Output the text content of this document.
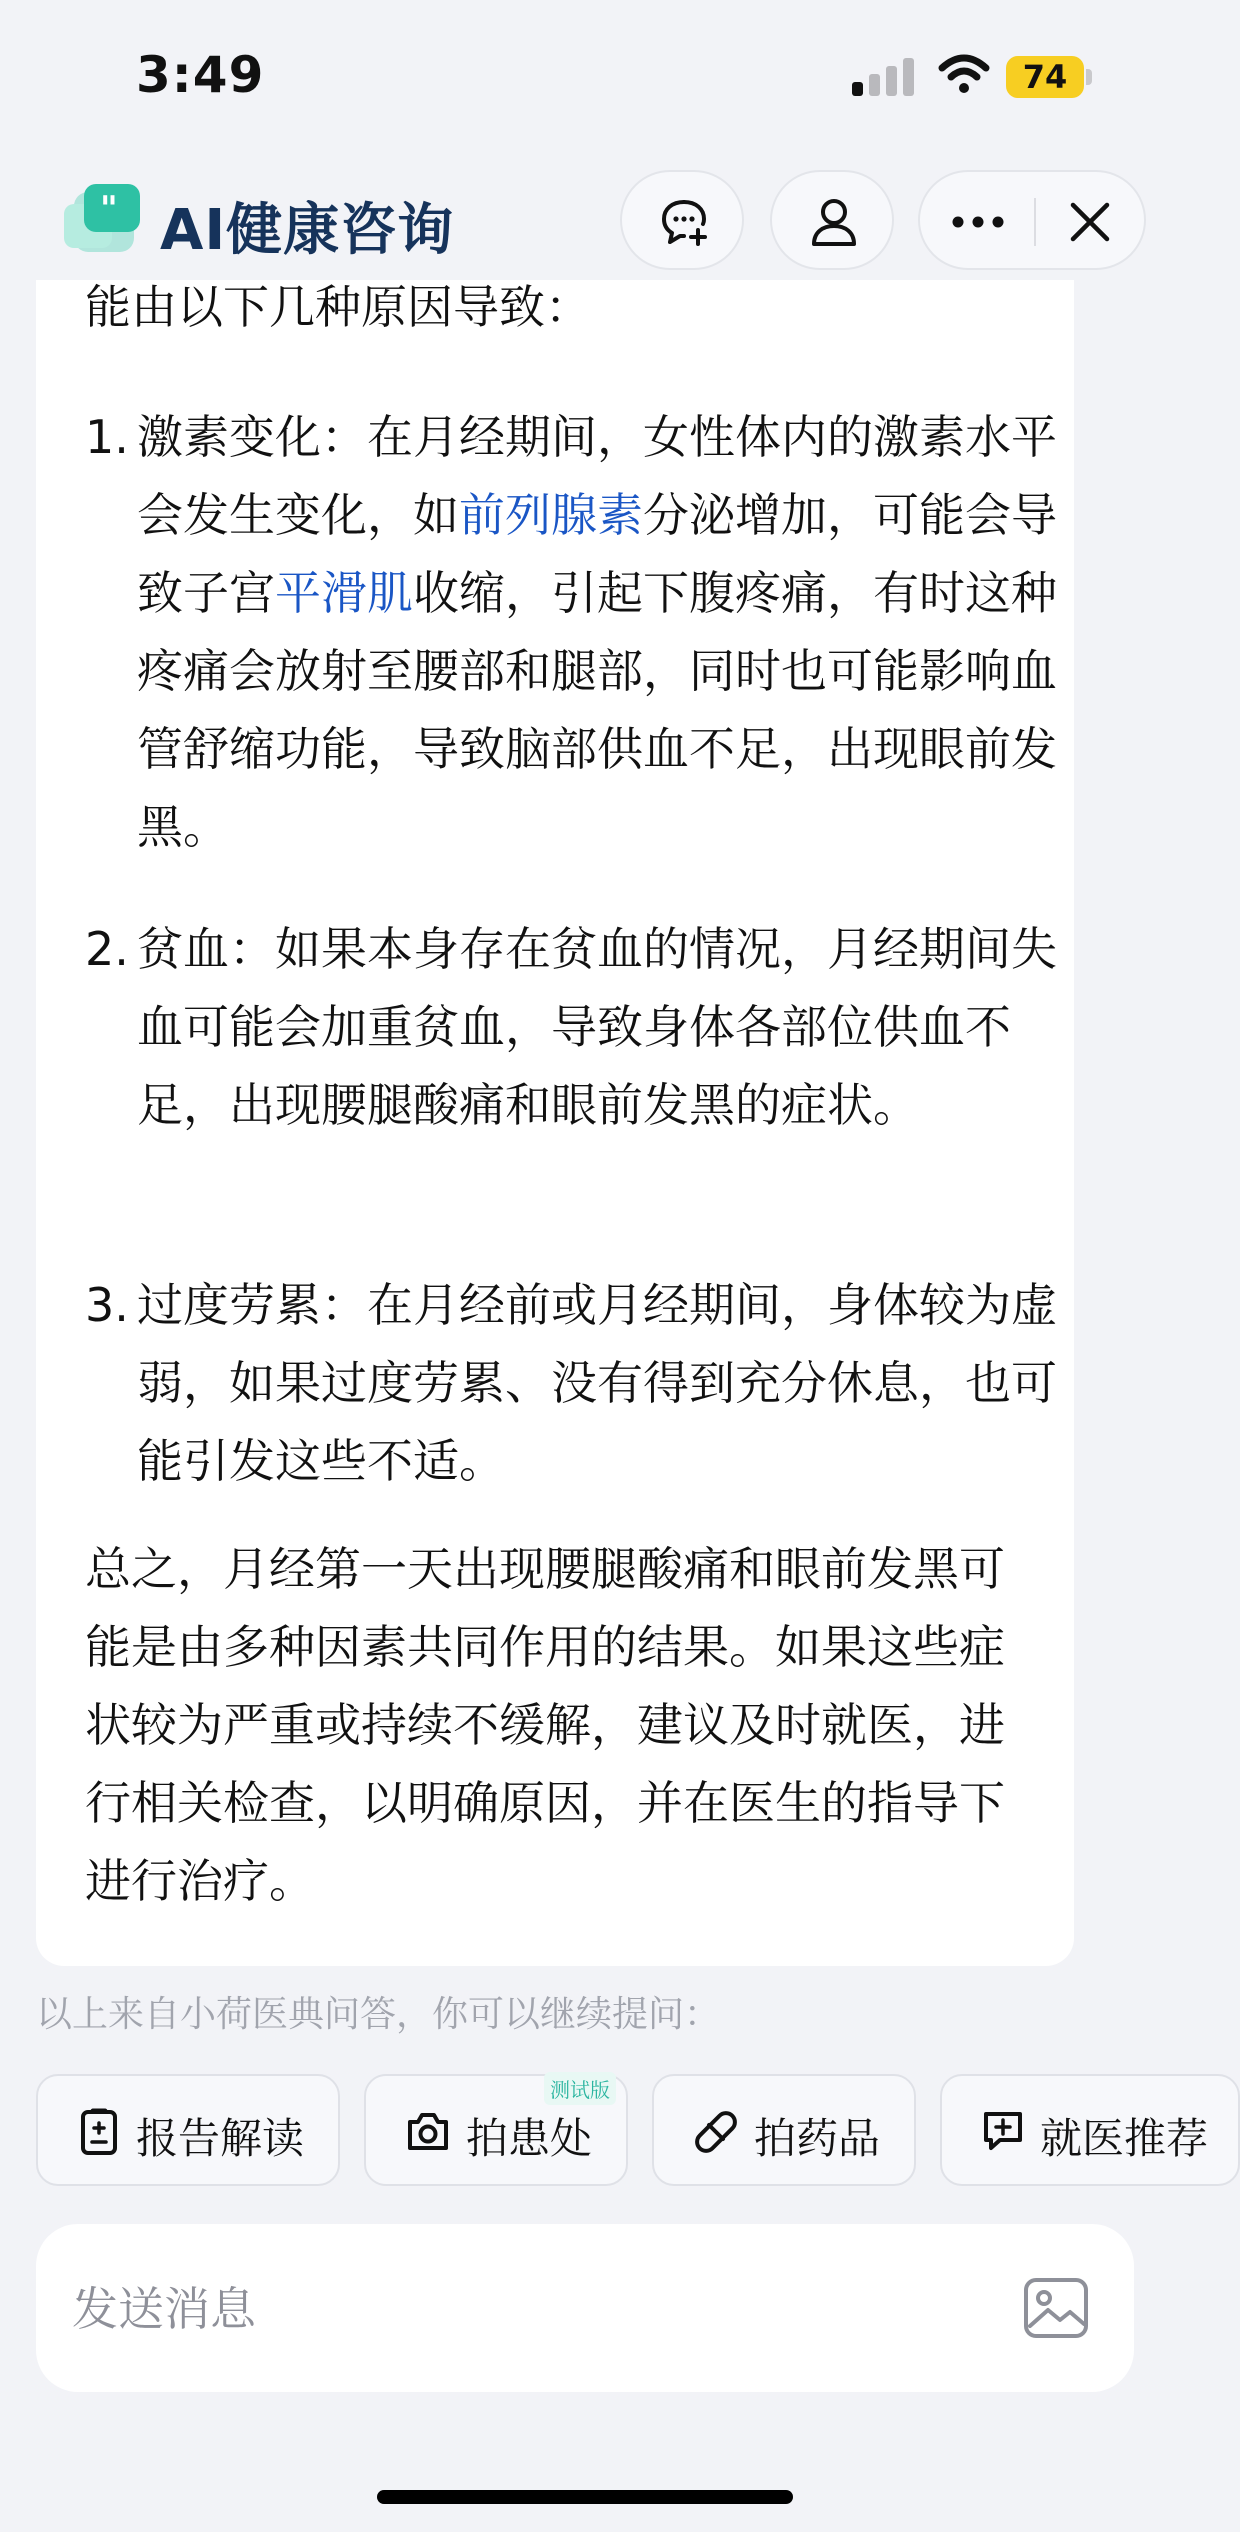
3:49	74
" AI健康咨询
能由以下几种原因导致：
1. 激素变化：在月经期间，女性体内的激素水平会发生变化，如前列腺素分泌增加，可能会导致子宫平滑肌收缩，引起下腹疼痛，有时这种疼痛会放射至腰部和腿部，同时也可能影响血管舒缩功能，导致脑部供血不足，出现眼前发黑。
2. 贫血：如果本身存在贫血的情况，月经期间失血可能会加重贫血，导致身体各部位供血不足，出现腰腿酸痛和眼前发黑的症状。
3. 过度劳累：在月经前或月经期间，身体较为虚弱，如果过度劳累、没有得到充分休息，也可能引发这些不适。
总之，月经第一天出现腰腿酸痛和眼前发黑可能是由多种因素共同作用的结果。如果这些症状较为严重或持续不缓解，建议及时就医，进行相关检查，以明确原因，并在医生的指导下进行治疗。
以上来自小荷医典问答，你可以继续提问：
报告解读	拍患处
测试版
拍药品	就医推荐
发送消息
